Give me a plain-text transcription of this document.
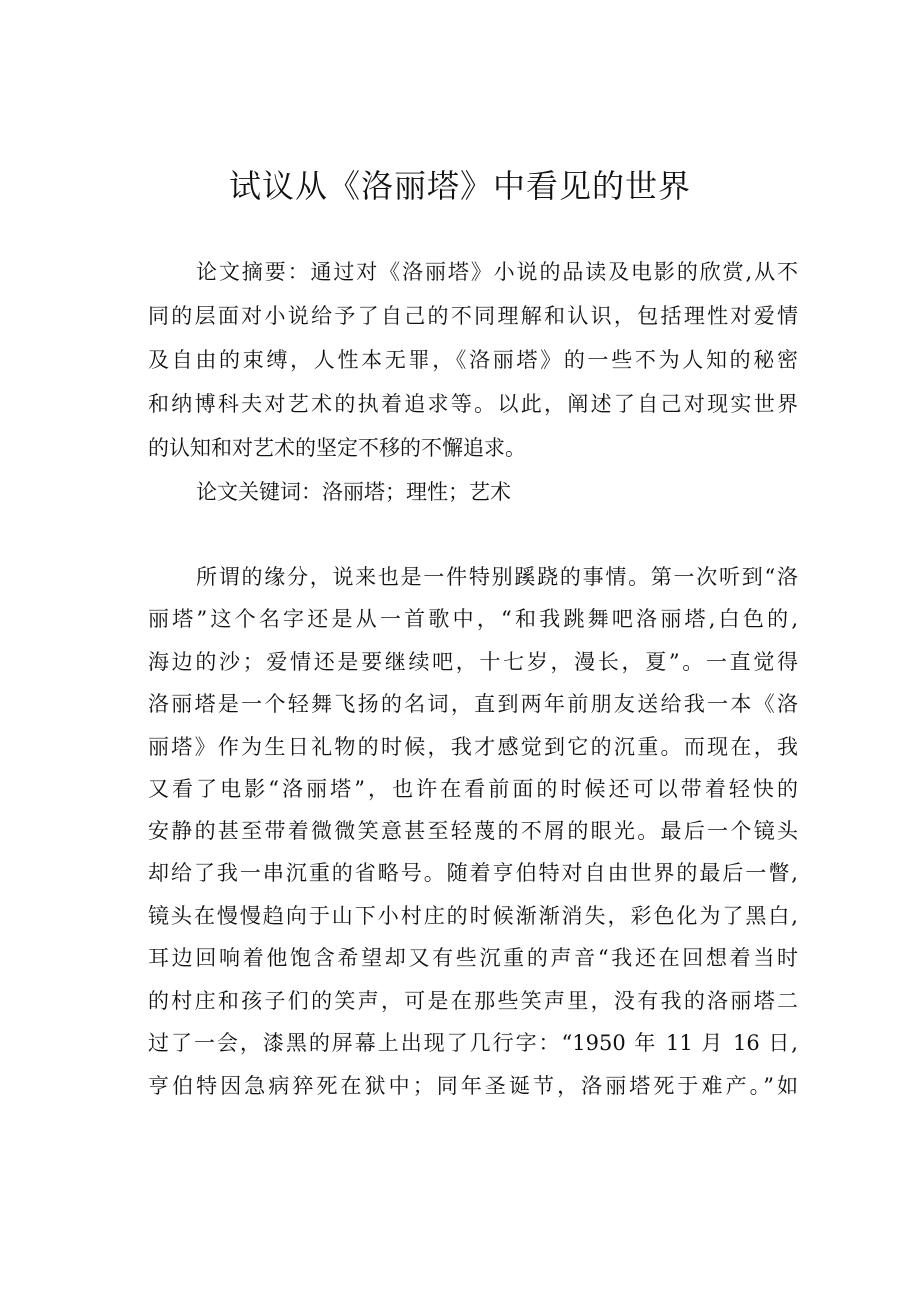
试议从《洛丽塔》中看见的世界

论文摘要：通过对《洛丽塔》小说的品读及电影的欣赏,从不

同的层面对小说给予了自己的不同理解和认识，包括理性对爱情

及自由的束缚，人性本无罪，《洛丽塔》的一些不为人知的秘密

和纳博科夫对艺术的执着追求等。以此，阐述了自己对现实世界

的认知和对艺术的坚定不移的不懈追求。

论文关键词：洛丽塔；理性；艺术

所谓的缘分，说来也是一件特别蹊跷的事情。第一次听到“洛

丽塔”这个名字还是从一首歌中，“和我跳舞吧洛丽塔,白色的,

海边的沙；爱情还是要继续吧，十七岁，漫长，夏”。一直觉得

洛丽塔是一个轻舞飞扬的名词，直到两年前朋友送给我一本《洛

丽塔》作为生日礼物的时候，我才感觉到它的沉重。而现在，我

又看了电影“洛丽塔”，也许在看前面的时候还可以带着轻快的

安静的甚至带着微微笑意甚至轻蔑的不屑的眼光。最后一个镜头

却给了我一串沉重的省略号。随着亨伯特对自由世界的最后一瞥,

镜头在慢慢趋向于山下小村庄的时候渐渐消失，彩色化为了黑白,

耳边回响着他饱含希望却又有些沉重的声音“我还在回想着当时

的村庄和孩子们的笑声，可是在那些笑声里，没有我的洛丽塔二

过了一会，漆黑的屏幕上出现了几行字：“1950 年 11 月 16 日,

亨伯特因急病猝死在狱中；同年圣诞节，洛丽塔死于难产。”如
